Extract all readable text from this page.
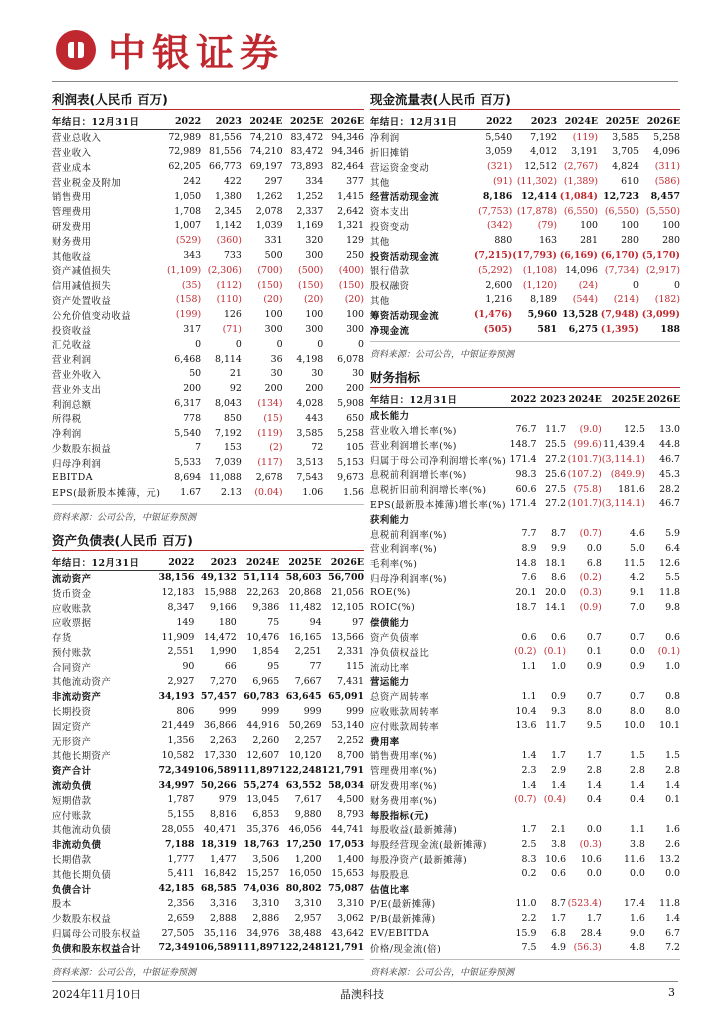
中银证券
利润表(人民币 百万)
年结日：12月31日	2022	2023	2024E	2025E	2026E
营业总收入	72,989	81,556	74,210	83,472	94,346
营业收入	72,989	81,556	74,210	83,472	94,346
营业成本	62,205	66,773	69,197	73,893	82,464
营业税金及附加	242	422	297	334	377
销售费用	1,050	1,380	1,262	1,252	1,415
管理费用	1,708	2,345	2,078	2,337	2,642
研发费用	1,007	1,142	1,039	1,169	1,321
财务费用	(529)	(360)	331	320	129
其他收益	343	733	500	300	250
资产减值损失	(1,109)	(2,306)	(700)	(500)	(400)
信用减值损失	(35)	(112)	(150)	(150)	(150)
资产处置收益	(158)	(110)	(20)	(20)	(20)
公允价值变动收益	(199)	126	100	100	100
投资收益	317	(71)	300	300	300
汇兑收益	0	0	0	0	0
营业利润	6,468	8,114	36	4,198	6,078
营业外收入	50	21	30	30	30
营业外支出	200	92	200	200	200
利润总额	6,317	8,043	(134)	4,028	5,908
所得税	778	850	(15)	443	650
净利润	5,540	7,192	(119)	3,585	5,258
少数股东损益	7	153	(2)	72	105
归母净利润	5,533	7,039	(117)	3,513	5,153
EBITDA	8,694	11,088	2,678	7,543	9,673
EPS(最新股本摊薄，元)	1.67	2.13	(0.04)	1.06	1.56
资料来源：公司公告，中银证券预测
资产负债表(人民币 百万)
年结日：12月31日	2022	2023	2024E	2025E	2026E
流动资产	38,156	49,132	51,114	58,603	56,700
货币资金	12,183	15,988	22,263	20,868	21,056
应收账款	8,347	9,166	9,386	11,482	12,105
应收票据	149	180	75	94	97
存货	11,909	14,472	10,476	16,165	13,566
预付账款	2,551	1,990	1,854	2,251	2,331
合同资产	90	66	95	77	115
其他流动资产	2,927	7,270	6,965	7,667	7,431
非流动资产	34,193	57,457	60,783	63,645	65,091
长期投资	806	999	999	999	999
固定资产	21,449	36,866	44,916	50,269	53,140
无形资产	1,356	2,263	2,260	2,257	2,252
其他长期资产	10,582	17,330	12,607	10,120	8,700
资产合计	72,349	106,589	111,897	122,248	121,791
流动负债	34,997	50,266	55,274	63,552	58,034
短期借款	1,787	979	13,045	7,617	4,500
应付账款	5,155	8,816	6,853	9,880	8,793
其他流动负债	28,055	40,471	35,376	46,056	44,741
非流动负债	7,188	18,319	18,763	17,250	17,053
长期借款	1,777	1,477	3,506	1,200	1,400
其他长期负债	5,411	16,842	15,257	16,050	15,653
负债合计	42,185	68,585	74,036	80,802	75,087
股本	2,356	3,316	3,310	3,310	3,310
少数股东权益	2,659	2,888	2,886	2,957	3,062
归属母公司股东权益	27,505	35,116	34,976	38,488	43,642
负债和股东权益合计	72,349	106,589	111,897	122,248	121,791
资料来源：公司公告，中银证券预测
现金流量表(人民币 百万)
年结日：12月31日	2022	2023	2024E	2025E	2026E
净利润	5,540	7,192	(119)	3,585	5,258
折旧摊销	3,059	4,012	3,191	3,705	4,096
营运资金变动	(321)	12,512	(2,767)	4,824	(311)
其他	(91)	(11,302)	(1,389)	610	(586)
经营活动现金流	8,186	12,414	(1,084)	12,723	8,457
资本支出	(7,753)	(17,878)	(6,550)	(6,550)	(5,550)
投资变动	(342)	(79)	100	100	100
其他	880	163	281	280	280
投资活动现金流	(7,215)	(17,793)	(6,169)	(6,170)	(5,170)
银行借款	(5,292)	(1,108)	14,096	(7,734)	(2,917)
股权融资	2,600	(1,120)	(24)	0	0
其他	1,216	8,189	(544)	(214)	(182)
筹资活动现金流	(1,476)	5,960	13,528	(7,948)	(3,099)
净现金流	(505)	581	6,275	(1,395)	188
资料来源：公司公告，中银证券预测
财务指标
年结日：12月31日	2022	2023	2024E	2025E	2026E
成长能力					
营业收入增长率(%)	76.7	11.7	(9.0)	12.5	13.0
营业利润增长率(%)	148.7	25.5	(99.6)	11,439.4	44.8
归属于母公司净利润增长率(%)	171.4	27.2	(101.7)	(3,114.1)	46.7
息税前利润增长率(%)	98.3	25.6	(107.2)	(849.9)	45.3
息税折旧前利润增长率(%)	60.6	27.5	(75.8)	181.6	28.2
EPS(最新股本摊薄)增长率(%)	171.4	27.2	(101.7)	(3,114.1)	46.7
获利能力					
息税前利润率(%)	7.7	8.7	(0.7)	4.6	5.9
营业利润率(%)	8.9	9.9	0.0	5.0	6.4
毛利率(%)	14.8	18.1	6.8	11.5	12.6
归母净利润率(%)	7.6	8.6	(0.2)	4.2	5.5
ROE(%)	20.1	20.0	(0.3)	9.1	11.8
ROIC(%)	18.7	14.1	(0.9)	7.0	9.8
偿债能力					
资产负债率	0.6	0.6	0.7	0.7	0.6
净负债权益比	(0.2)	(0.1)	0.1	0.0	(0.1)
流动比率	1.1	1.0	0.9	0.9	1.0
营运能力					
总资产周转率	1.1	0.9	0.7	0.7	0.8
应收账款周转率	10.4	9.3	8.0	8.0	8.0
应付账款周转率	13.6	11.7	9.5	10.0	10.1
费用率					
销售费用率(%)	1.4	1.7	1.7	1.5	1.5
管理费用率(%)	2.3	2.9	2.8	2.8	2.8
研发费用率(%)	1.4	1.4	1.4	1.4	1.4
财务费用率(%)	(0.7)	(0.4)	0.4	0.4	0.1
每股指标(元)					
每股收益(最新摊薄)	1.7	2.1	0.0	1.1	1.6
每股经营现金流(最新摊薄)	2.5	3.8	(0.3)	3.8	2.6
每股净资产(最新摊薄)	8.3	10.6	10.6	11.6	13.2
每股股息	0.2	0.6	0.0	0.0	0.0
估值比率					
P/E(最新摊薄)	11.0	8.7	(523.4)	17.4	11.8
P/B(最新摊薄)	2.2	1.7	1.7	1.6	1.4
EV/EBITDA	15.9	6.8	28.4	9.0	6.7
价格/现金流(倍)	7.5	4.9	(56.3)	4.8	7.2
资料来源：公司公告，中银证券预测
2024年11月10日	晶澳科技	3
